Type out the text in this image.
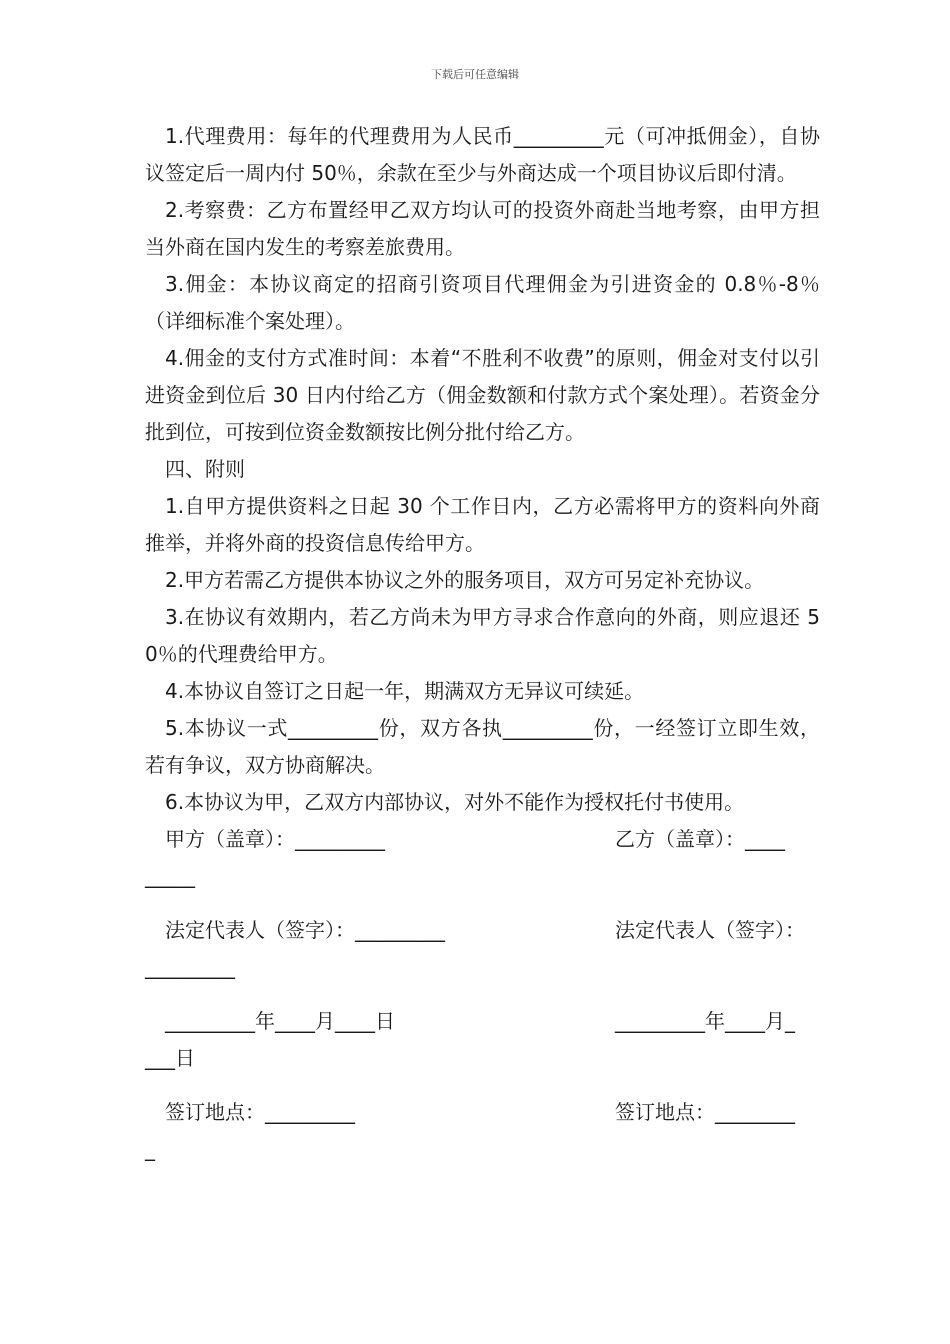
下载后可任意编辑

1.代理费用：每年的代理费用为人民币_________元（可冲抵佣金），自协议签定后一周内付 50％，余款在至少与外商达成一个项目协议后即付清。

2.考察费：乙方布置经甲乙双方均认可的投资外商赴当地考察，由甲方担当外商在国内发生的考察差旅费用。

3.佣金：本协议商定的招商引资项目代理佣金为引进资金的 0.8％-8％（详细标准个案处理）。

4.佣金的支付方式准时间：本着“不胜利不收费”的原则，佣金对支付以引进资金到位后 30 日内付给乙方（佣金数额和付款方式个案处理）。若资金分批到位，可按到位资金数额按比例分批付给乙方。

四、附则

1.自甲方提供资料之日起 30 个工作日内，乙方必需将甲方的资料向外商推举，并将外商的投资信息传给甲方。

2.甲方若需乙方提供本协议之外的服务项目，双方可另定补充协议。

3.在协议有效期内，若乙方尚未为甲方寻求合作意向的外商，则应退还 50％的代理费给甲方。

4.本协议自签订之日起一年，期满双方无异议可续延。

5.本协议一式_________份，双方各执_________份，一经签订立即生效，若有争议，双方协商解决。

6.本协议为甲，乙双方内部协议，对外不能作为授权托付书使用。

甲方（盖章）：_________	乙方（盖章）：____
_____
法定代表人（签字）：_________	法定代表人（签字）：
_________
_________年____月____日	_________年____月_
___日
签订地点：_________	签订地点：________
_
